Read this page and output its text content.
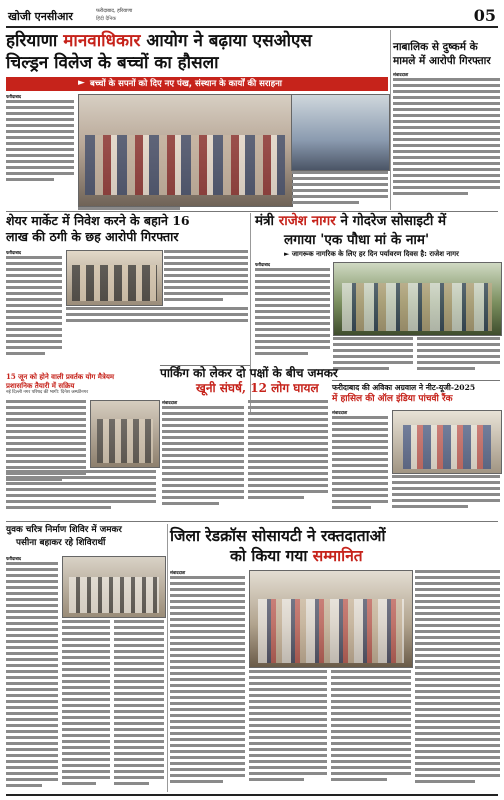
खोजी एनसीआर	फरीदाबाद, हरियाणा
हिंदी दैनिक	05
हरियाणा मानवाधिकार आयोग ने बढ़ाया एसओएस
चिल्ड्रन विलेज के बच्चों का हौसला
► बच्चों के सपनों को दिए नए पंख, संस्थान के कार्यों की सराहना
फरीदाबाद
नाबालिक से दुष्कर्म के मामले में आरोपी गिरफ्तार
संवाददाता
शेयर मार्केट में निवेश करने के बहाने 16
लाख की ठगी के छह आरोपी गिरफ्तार
फरीदाबाद
15 जून को होने वाली प्रवर्तक योग मैत्रेयम
प्रशासनिक तैयारी में सक्रिय
नई दिल्ली नगर परिषद की भागी: दिनेश जम्प्ठीनगर
मंत्री राजेश नागर ने गोदरेज सोसाइटी में
लगाया 'एक पौधा मां के नाम'
► जागरूक नागरिक के लिए हर दिन पर्यावरण दिवस है: राजेश नागर
फरीदाबाद
पार्किंग को लेकर दो पक्षों के बीच जमकर
खूनी संघर्ष, 12 लोग घायल
संवाददाता
फरीदाबाद की अविका अग्रवाल ने नीट-यूजी-2025
में हासिल की ऑल इंडिया पांचवी रैंक
संवाददाता
युवक चरित्र निर्माण शिविर में जमकर
पसीना बहाकर रहे शिविरार्थी
फरीदाबाद
जिला रेडक्रॉस सोसायटी ने रक्तदाताओं
को किया गया सम्मानित
संवाददाता
